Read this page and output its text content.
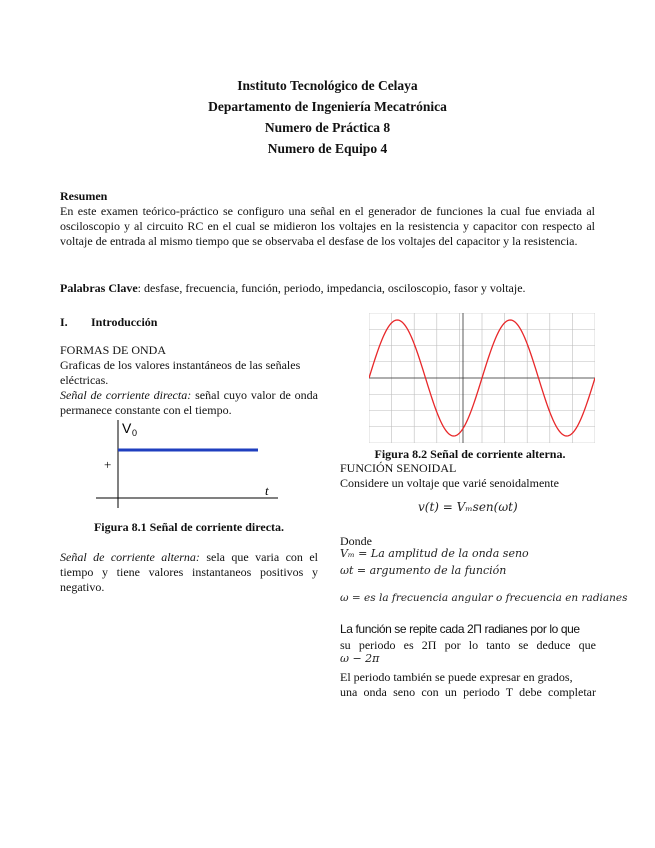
Instituto Tecnológico de Celaya
Departamento de Ingeniería Mecatrónica
Numero de Práctica 8
Numero de Equipo 4
Resumen
En este examen teórico-práctico se configuro una señal en el generador de funciones la cual fue enviada al osciloscopio y al circuito RC en el cual se midieron los voltajes en la resistencia y capacitor con respecto al voltaje de entrada al mismo tiempo que se observaba el desfase de los voltajes del capacitor y la resistencia.
Palabras Clave: desfase, frecuencia, función, periodo, impedancia, osciloscopio, fasor y voltaje.
I. Introducción
FORMAS DE ONDA
Graficas de los valores instantáneos de las señales eléctricas.
Señal de corriente directa: señal cuyo valor de onda permanece constante con el tiempo.
V 0
+
t
Figura 8.1 Señal de corriente directa.
Señal de corriente alterna: sela que varia con el tiempo y tiene valores instantaneos positivos y negativo.
Figura 8.2 Señal de corriente alterna.
FUNCIÓN SENOIDAL
Considere un voltaje que varié senoidalmente
v(t) = Vₘsen(ωt)
Donde
Vₘ = La amplitud de la onda seno
ωt = argumento de la función
ω = es la frecuencia angular o frecuencia en radianes
La función se repite cada 2Π radianes por lo que
su periodo es 2Π por lo tanto se deduce que
ω − 2π
El periodo también se puede expresar en grados,
una onda seno con un periodo T debe completar
